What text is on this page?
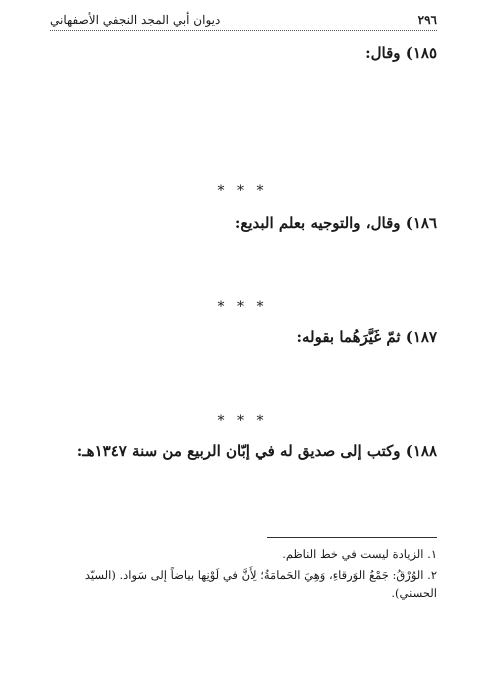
٢٩٦
ديوان أبي المجد النجفي الأصفهاني
١٨٥) وقال:
* * *
١٨٦) وقال، والتوجيه بعلم البديع:
* * *
١٨٧) ثمّ غَيَّرَهُما بقوله:
* * *
١٨٨) وكتب إلى صديق له في إبّان الربيع من سنة ١٣٤٧هـ:
١. الزيادة ليست في خط الناظم.
٢. الوُرْقُ: جَمْعُ الوَرقاءِ، وَهِيَ الحَمامَةُ؛ لِأَنَّ في لَوْنِها بياضاً إلى سَواد. (السيّد الحسني).
